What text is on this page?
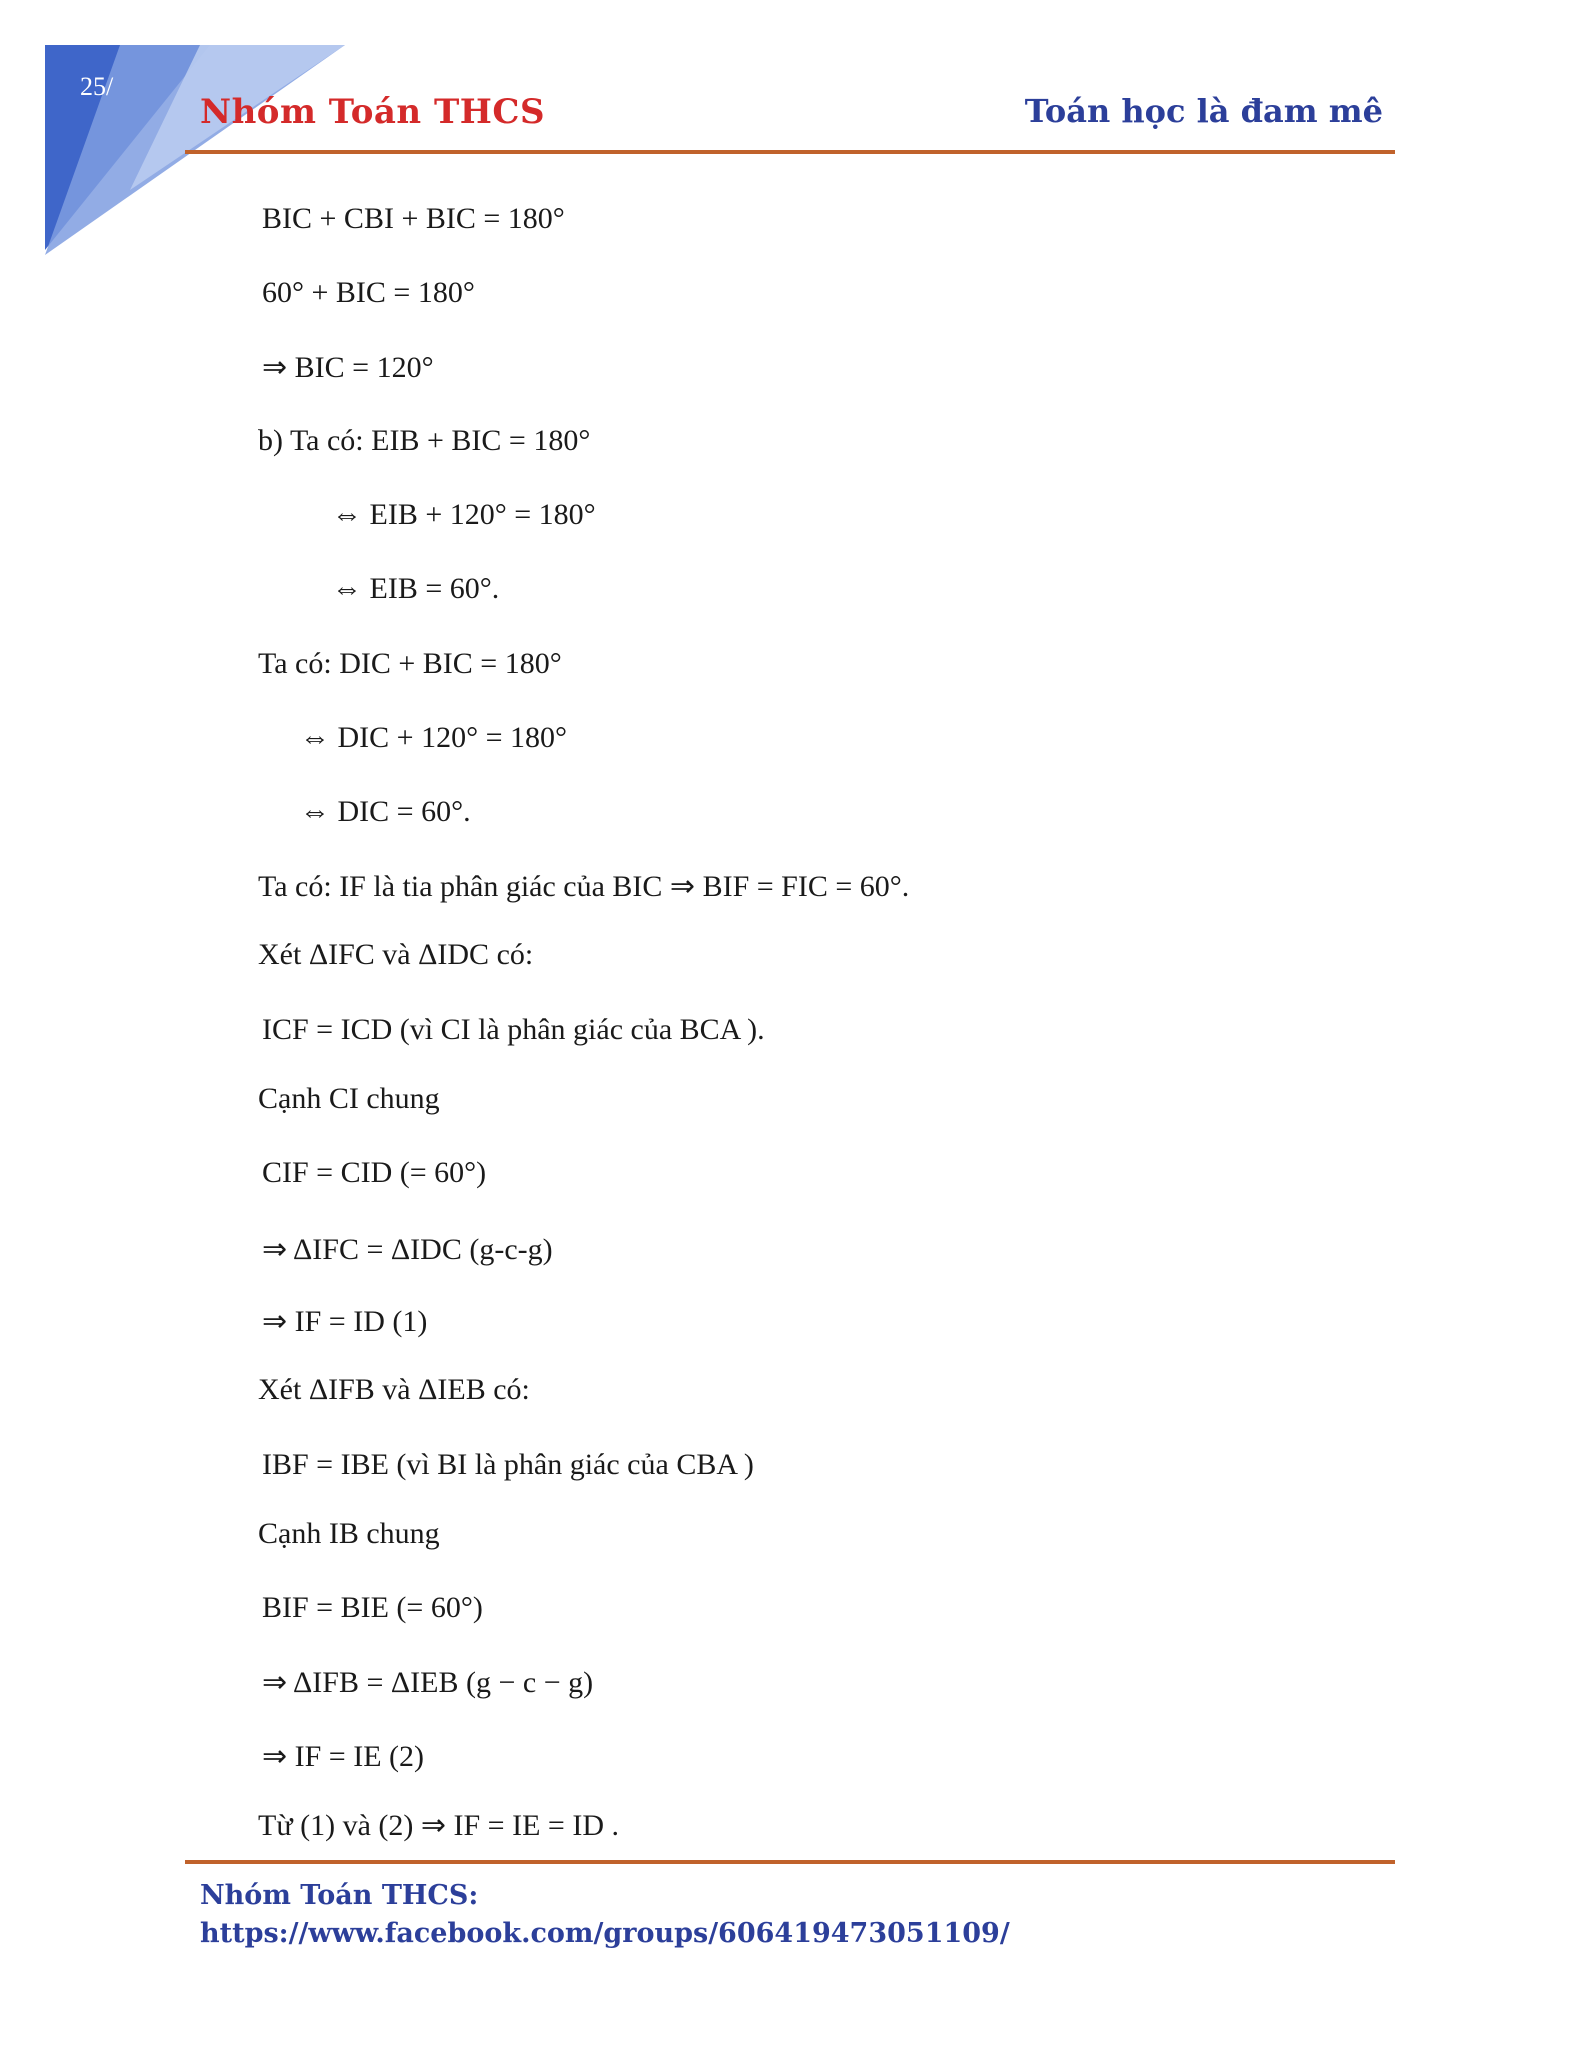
25/
Nhóm Toán THCS	Toán học là đam mê
BIC + CBI + BIC = 180°
60° + BIC = 180°
⇒ BIC = 120°
b) Ta có: EIB + BIC = 180°
⇔ EIB + 120° = 180°
⇔ EIB = 60°.
Ta có: DIC + BIC = 180°
⇔ DIC + 120° = 180°
⇔ DIC = 60°.
Ta có: IF là tia phân giác của BIC ⇒ BIF = FIC = 60°.
Xét ΔIFC và ΔIDC có:
ICF = ICD (vì CI là phân giác của BCA ).
Cạnh CI chung
CIF = CID (= 60°)
⇒ ΔIFC = ΔIDC (g-c-g)
⇒ IF = ID (1)
Xét ΔIFB và ΔIEB có:
IBF = IBE (vì BI là phân giác của CBA )
Cạnh IB chung
BIF = BIE (= 60°)
⇒ ΔIFB = ΔIEB (g − c − g)
⇒ IF = IE (2)
Từ (1) và (2) ⇒ IF = IE = ID .
Nhóm Toán THCS:
https://www.facebook.com/groups/606419473051109/
